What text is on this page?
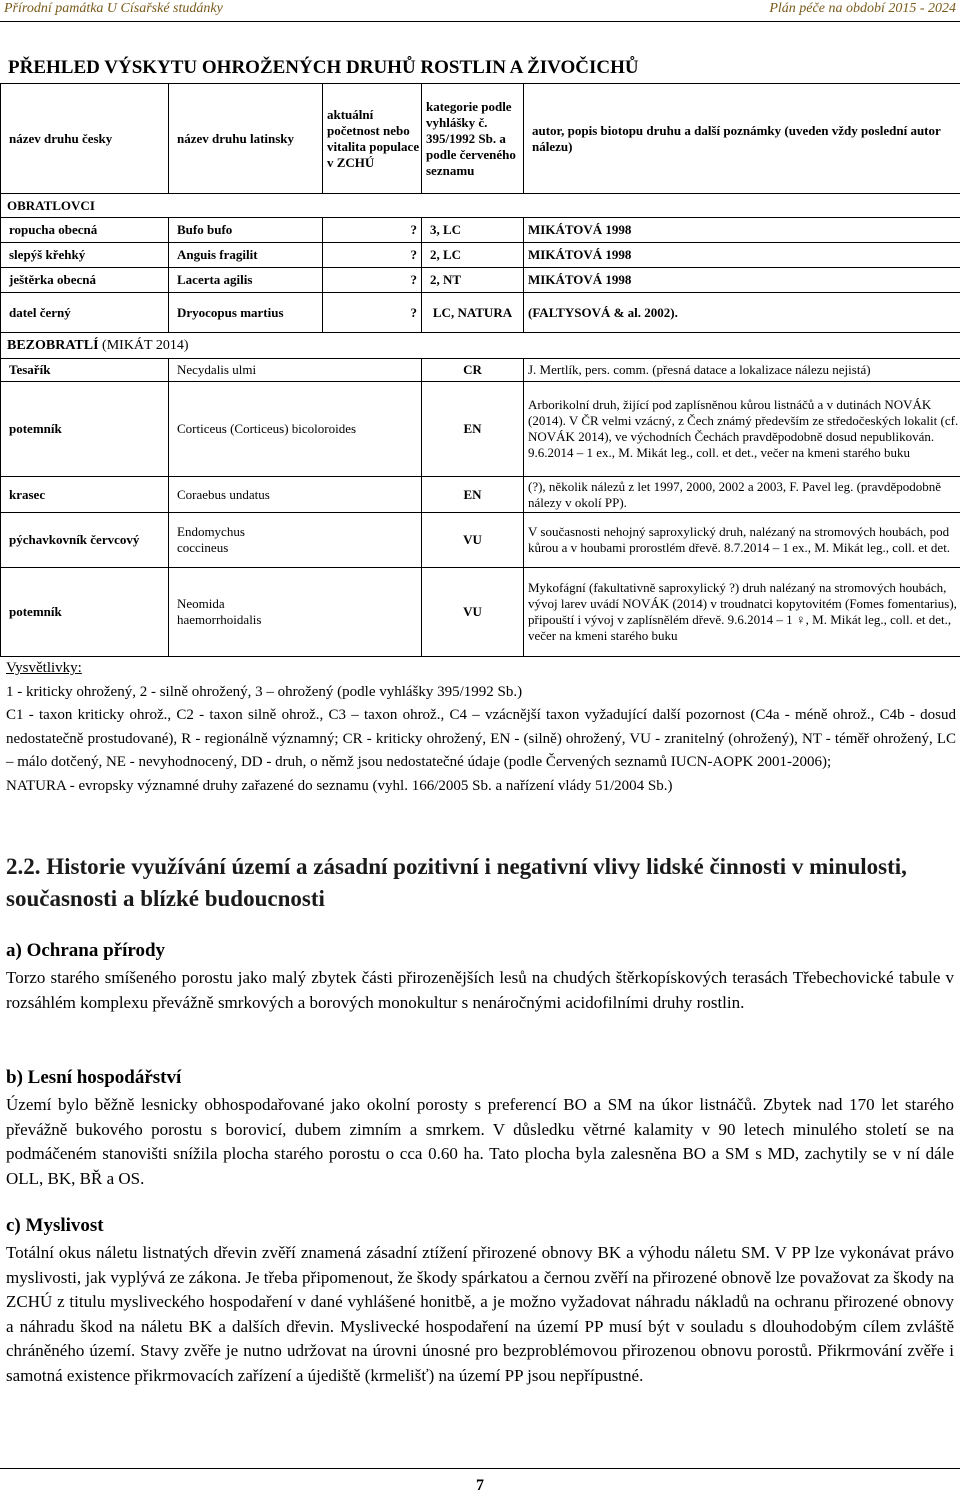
Přírodní památka U Císařské studánky	Plán péče na období 2015 - 2024
PŘEHLED VÝSKYTU OHROŽENÝCH DRUHŮ ROSTLIN A ŽIVOČICHŮ
název druhu česky	název druhu latinsky	aktuální početnost nebo vitalita populace v ZCHÚ	kategorie podle vyhlášky č. 395/1992 Sb. a podle červeného seznamu	autor, popis biotopu druhu a další poznámky (uveden vždy poslední autor nálezu)
OBRATLOVCI				
ropucha obecná	Bufo bufo	?	3, LC	MIKÁTOVÁ 1998
slepýš křehký	Anguis fragilit	?	2, LC	MIKÁTOVÁ 1998
ještěrka obecná	Lacerta agilis	?	2, NT	MIKÁTOVÁ 1998
datel černý	Dryocopus martius	?	LC, NATURA	(FALTYSOVÁ & al. 2002).
BEZOBRATLÍ (MIKÁT 2014)				
Tesařík	Necydalis ulmi		CR	J. Mertlík, pers. comm. (přesná datace a lokalizace nálezu nejistá)
potemník	Corticeus (Corticeus) bicoloroides		EN	Arborikolní druh, žijící pod zaplísněnou kůrou listnáčů a v dutinách NOVÁK (2014). V ČR velmi vzácný, z Čech známý především ze středočeských lokalit (cf. NOVÁK 2014), ve východních Čechách pravděpodobně dosud nepublikován. 9.6.2014 – 1 ex., M. Mikát leg., coll. et det., večer na kmeni starého buku
krasec	Coraebus undatus		EN	(?), několik nálezů z let 1997, 2000, 2002 a 2003, F. Pavel leg. (pravděpodobně nálezy v okolí PP).
pýchavkovník červcový	Endomychus coccineus		VU	V současnosti nehojný saproxylický druh, nalézaný na stromových houbách, pod kůrou a v houbami prorostlém dřevě. 8.7.2014 – 1 ex., M. Mikát leg., coll. et det.
potemník	Neomida haemorrhoidalis		VU	Mykofágní (fakultativně saproxylický ?) druh nalézaný na stromových houbách, vývoj larev uvádí NOVÁK (2014) v troudnatci kopytovitém (Fomes fomentarius), připouští i vývoj v zaplísnělém dřevě. 9.6.2014 – 1 ♀, M. Mikát leg., coll. et det., večer na kmeni starého buku
Vysvětlivky:
1 - kriticky ohrožený, 2 - silně ohrožený, 3 – ohrožený (podle vyhlášky 395/1992 Sb.)
C1 - taxon kriticky ohrož., C2 - taxon silně ohrož., C3 – taxon ohrož., C4 – vzácnější taxon vyžadující další pozornost (C4a - méně ohrož., C4b - dosud nedostatečně prostudované), R - regionálně významný; CR - kriticky ohrožený, EN - (silně) ohrožený, VU - zranitelný (ohrožený), NT - téměř ohrožený, LC – málo dotčený, NE - nevyhodnocený, DD - druh, o němž jsou nedostatečné údaje (podle Červených seznamů IUCN-AOPK 2001-2006);
NATURA - evropsky významné druhy zařazené do seznamu (vyhl. 166/2005 Sb. a nařízení vlády 51/2004 Sb.)
2.2. Historie využívání území a zásadní pozitivní i negativní vlivy lidské činnosti v minulosti, současnosti a blízké budoucnosti
a) Ochrana přírody
Torzo starého smíšeného porostu jako malý zbytek části přirozenějších lesů na chudých štěrkopískových terasách Třebechovické tabule v rozsáhlém komplexu převážně smrkových a borových monokultur s nenáročnými acidofilními druhy rostlin.
b) Lesní hospodářství
Území bylo běžně lesnicky obhospodařované jako okolní porosty s preferencí BO a SM na úkor listnáčů. Zbytek nad 170 let starého převážně bukového porostu s borovicí, dubem zimním a smrkem. V důsledku větrné kalamity v 90 letech minulého století se na podmáčeném stanovišti snížila plocha starého porostu o cca 0.60 ha. Tato plocha byla zalesněna BO a SM s MD, zachytily se v ní dále OLL, BK, BŘ a OS.
c) Myslivost
Totální okus náletu listnatých dřevin zvěří znamená zásadní ztížení přirozené obnovy BK a výhodu náletu SM. V PP lze vykonávat právo myslivosti, jak vyplývá ze zákona. Je třeba připomenout, že škody spárkatou a černou zvěří na přirozené obnově lze považovat za škody na ZCHÚ z titulu mysliveckého hospodaření v dané vyhlášené honitbě, a je možno vyžadovat náhradu nákladů na ochranu přirozené obnovy a náhradu škod na náletu BK a dalších dřevin. Myslivecké hospodaření na území PP musí být v souladu s dlouhodobým cílem zvláště chráněného území. Stavy zvěře je nutno udržovat na úrovni únosné pro bezproblémovou přirozenou obnovu porostů. Přikrmování zvěře i samotná existence přikrmovacích zařízení a újediště (krmelišť) na území PP jsou nepřípustné.
7
